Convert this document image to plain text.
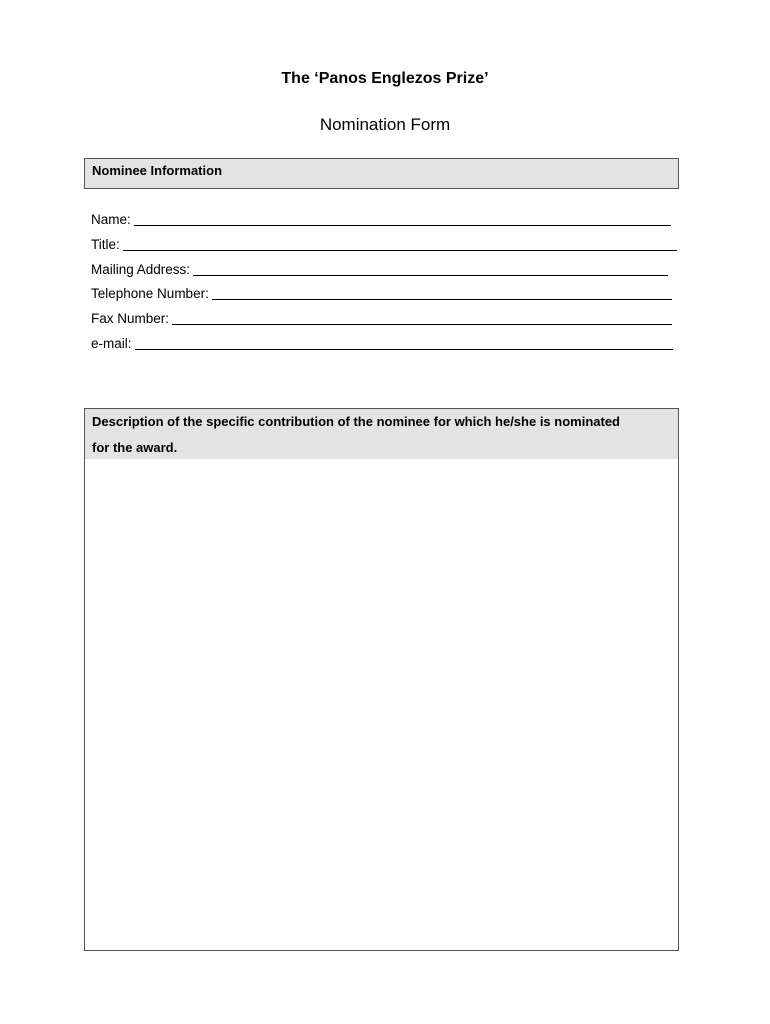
The ‘Panos Englezos Prize’
Nomination Form
Nominee Information
Name:
Title:
Mailing Address:
Telephone Number:
Fax Number:
e-mail:
Description of the specific contribution of the nominee for which he/she is nominated
for the award.
